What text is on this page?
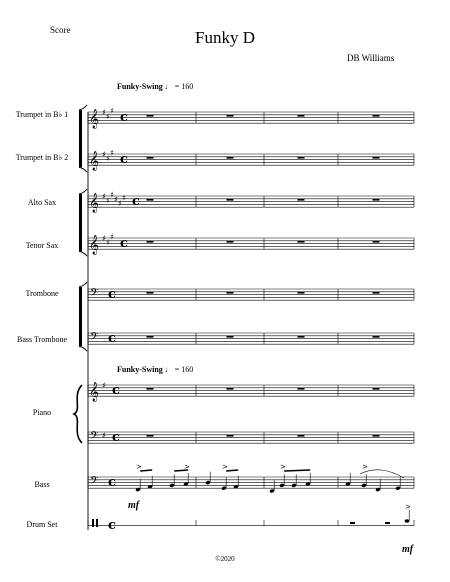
Score	Funky D
DB Williams
Funky-Swing ♩ = 160
Funky-Swing ♩ = 160
Trumpet in B♭ 1
Trumpet in B♭ 2
Alto Sax
Tenor Sax
Trombone
Bass Trombone
Piano
Bass
Drum Set
mf
mf
©2020
𝄞 ♯ ♯
♯ c
𝄞 ♯ ♯
♯ c
𝄞 ♯ ♯
♯ ♯ ♯
♯ c
𝄞 ♯ ♯
♯ c
𝄢 c
𝄢 c
𝄞 ♯ c
𝄢 ♯ c
𝄢 c
c
>	>	>	>	>
>
